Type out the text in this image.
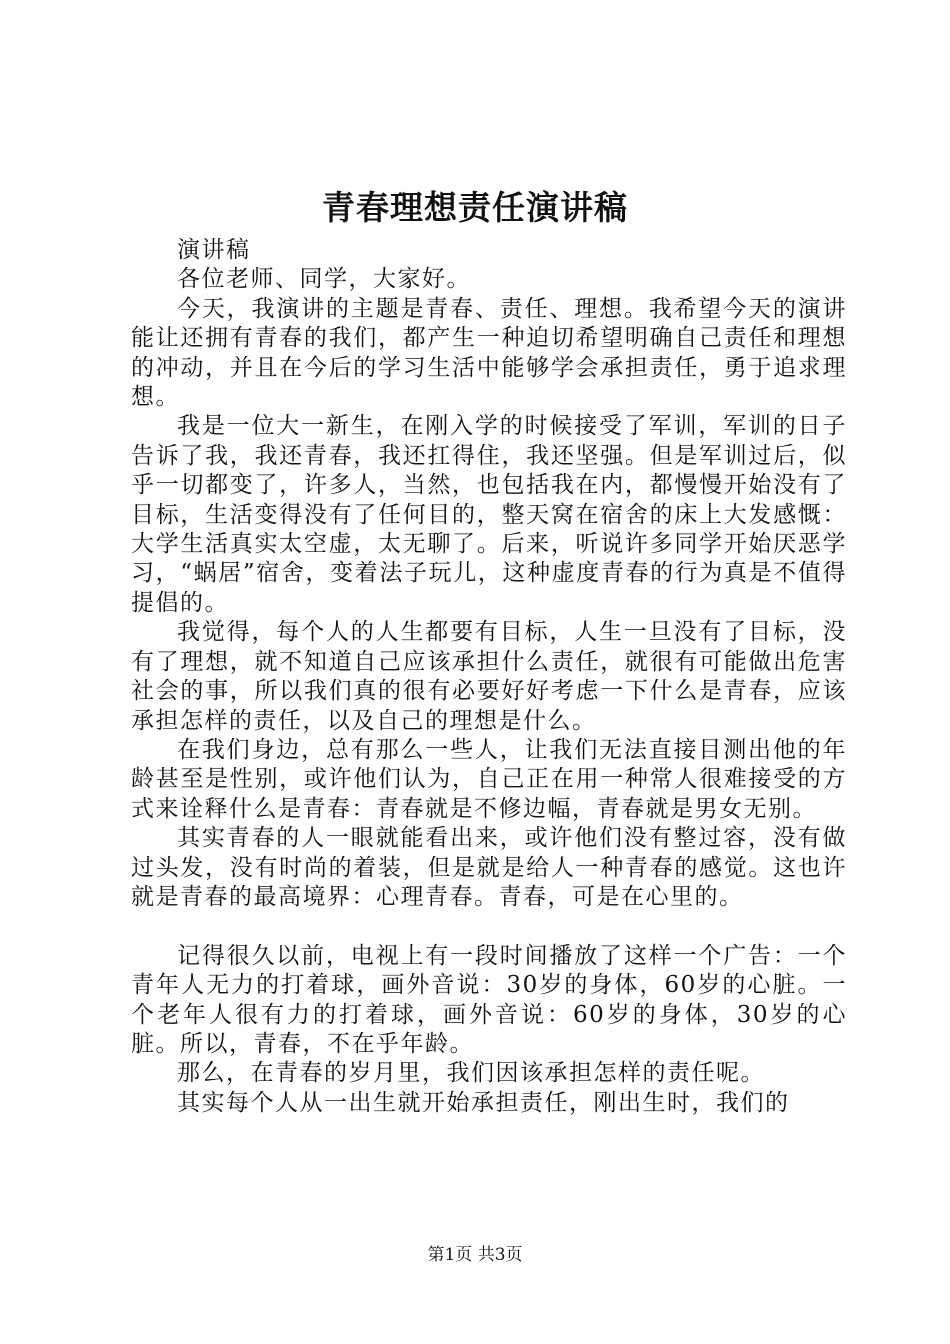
青春理想责任演讲稿

演讲稿

各位老师、同学，大家好。

今天，我演讲的主题是青春、责任、理想。我希望今天的演讲能让还拥有青春的我们，都产生一种迫切希望明确自己责任和理想的冲动，并且在今后的学习生活中能够学会承担责任，勇于追求理想。

我是一位大一新生，在刚入学的时候接受了军训，军训的日子告诉了我，我还青春，我还扛得住，我还坚强。但是军训过后，似乎一切都变了，许多人，当然，也包括我在内，都慢慢开始没有了目标，生活变得没有了任何目的，整天窝在宿舍的床上大发感慨：大学生活真实太空虚，太无聊了。后来，听说许多同学开始厌恶学习，“蜗居”宿舍，变着法子玩儿，这种虚度青春的行为真是不值得提倡的。

我觉得，每个人的人生都要有目标，人生一旦没有了目标，没有了理想，就不知道自己应该承担什么责任，就很有可能做出危害社会的事，所以我们真的很有必要好好考虑一下什么是青春，应该承担怎样的责任，以及自己的理想是什么。

在我们身边，总有那么一些人，让我们无法直接目测出他的年龄甚至是性别，或许他们认为，自己正在用一种常人很难接受的方式来诠释什么是青春：青春就是不修边幅，青春就是男女无别。

其实青春的人一眼就能看出来，或许他们没有整过容，没有做过头发，没有时尚的着装，但是就是给人一种青春的感觉。这也许就是青春的最高境界：心理青春。青春，可是在心里的。

记得很久以前，电视上有一段时间播放了这样一个广告：一个青年人无力的打着球，画外音说：30岁的身体，60岁的心脏。一个老年人很有力的打着球，画外音说：60岁的身体，30岁的心脏。所以，青春，不在乎年龄。

那么，在青春的岁月里，我们因该承担怎样的责任呢。

其实每个人从一出生就开始承担责任，刚出生时，我们的

第1页 共3页
